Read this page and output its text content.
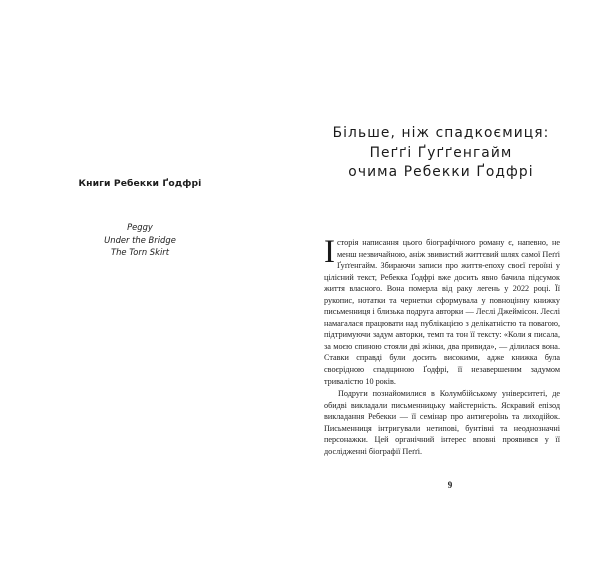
Книги Ребекки Ґодфрі
Peggy
Under the Bridge
The Torn Skirt
Більше, ніж спадкоємиця:
Пеґґі Ґуґґенгайм
очима Ребекки Ґодфрі

Історія написання цього біографічного роману є, напевно, не менш незвичайною, аніж звивистий життєвий шлях самої Пеґґі Ґуґґенгайм. Збираючи записи про життя-епоху своєї героїні у цілісний текст, Ребекка Ґодфрі вже досить явно бачила підсумок життя власного. Вона померла від раку легень у 2022 році. Її рукопис, нотатки та чернетки сформувала у повноцінну книжку письменниця і близька подруга авторки — Леслі Джеймісон. Леслі намагалася працювати над публікацією з делікатністю та повагою, підтримуючи задум авторки, темп та тон її тексту: «Коли я писала, за моєю спиною стояли дві жінки, два привида», — ділилася вона. Ставки справді були досить високими, адже книжка була своєрідною спадщиною Ґодфрі, її незавершеним задумом тривалістю 10 років.

Подруги познайомилися в Колумбійському університеті, де обидві викладали письменницьку майстерність. Яскравий епізод викладання Ребекки — її семінар про антигероїнь та лиходійок. Письменниця інтригували нетипові, бунтівні та неоднозначні персонажки. Цей органічний інтерес вповні проявився у її дослідженні біографії Пеґґі.

9
